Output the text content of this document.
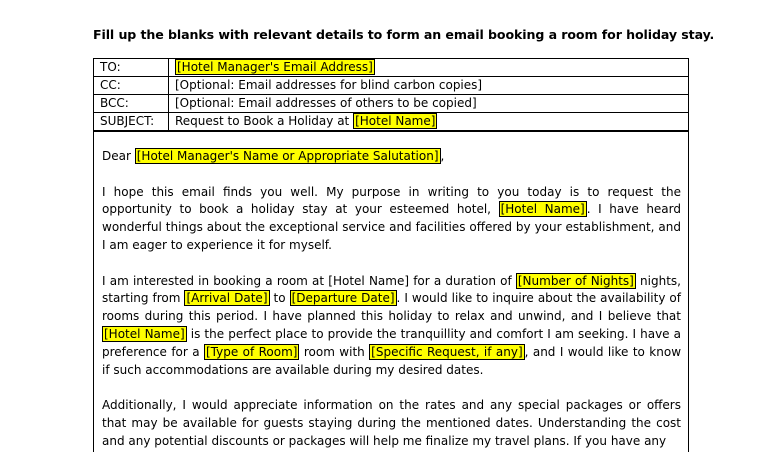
Fill up the blanks with relevant details to form an email booking a room for holiday stay.
TO:	[Hotel Manager's Email Address]
CC:	[Optional: Email addresses for blind carbon copies]
BCC:	[Optional: Email addresses of others to be copied]
SUBJECT:	Request to Book a Holiday at [Hotel Name]

Dear [Hotel Manager's Name or Appropriate Salutation] ,

I hope this email finds you well. My purpose in writing to you today is to request the opportunity to book a holiday stay at your esteemed hotel, [Hotel Name] . I have heard wonderful things about the exceptional service and facilities offered by your establishment, and I am eager to experience it for myself.

I am interested in booking a room at [Hotel Name] for a duration of [Number of Nights] nights, starting from [Arrival Date] to [Departure Date] . I would like to inquire about the availability of rooms during this period. I have planned this holiday to relax and unwind, and I believe that [Hotel Name] is the perfect place to provide the tranquillity and comfort I am seeking. I have a preference for a [Type of Room] room with [Specific Request, if any] , and I would like to know if such accommodations are available during my desired dates.

Additionally, I would appreciate information on the rates and any special packages or offers that may be available for guests staying during the mentioned dates. Understanding the cost and any potential discounts or packages will help me finalize my travel plans. If you have any
